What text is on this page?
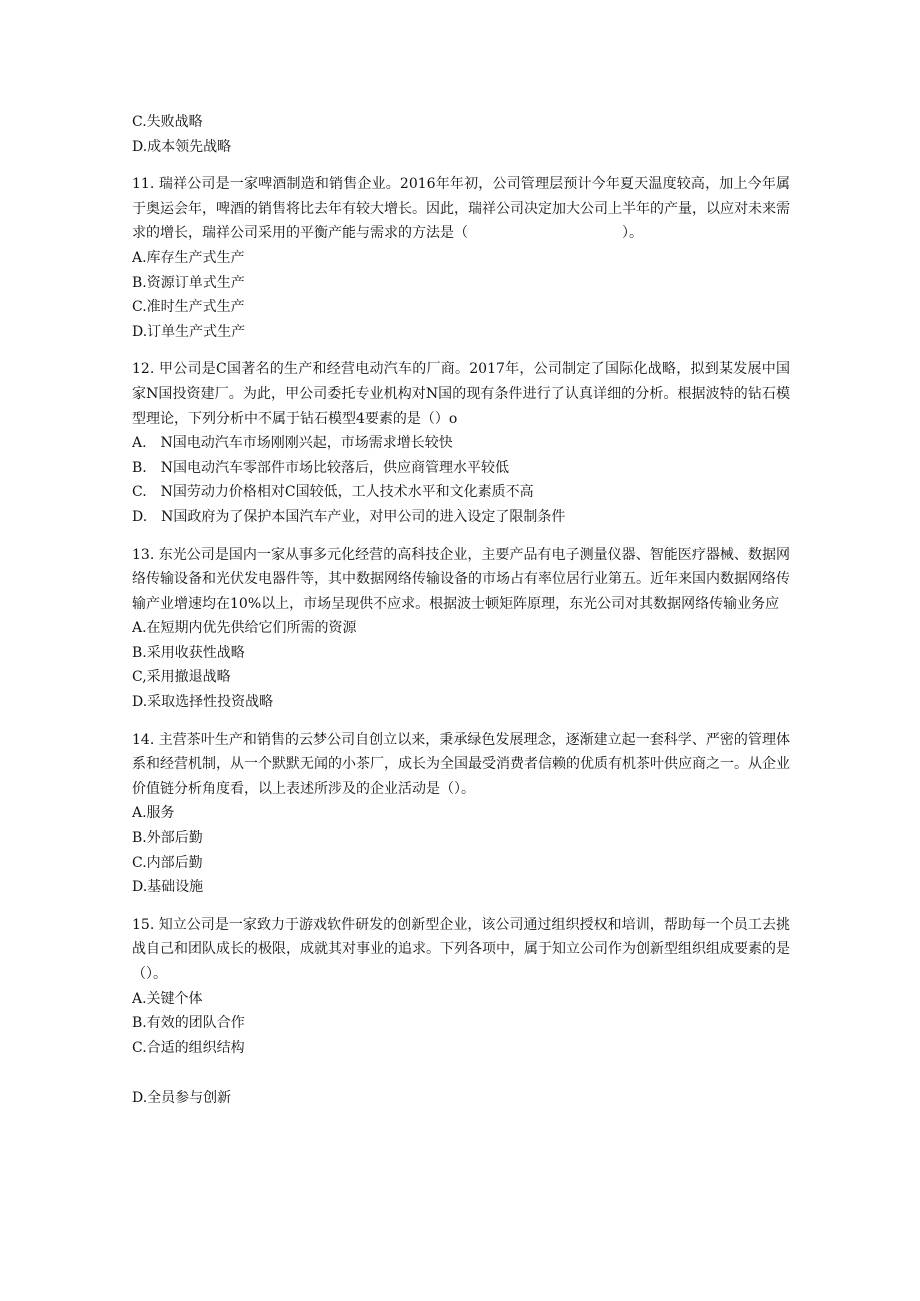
C.失败战略
D.成本领先战略
11. 瑞祥公司是一家啤酒制造和销售企业。2016年年初，公司管理层预计今年夏天温度较高，加上今年属于奥运会年，啤酒的销售将比去年有较大增长。因此，瑞祥公司决定加大公司上半年的产量，以应对未来需求的增长，瑞祥公司采用的平衡产能与需求的方法是（　　　　　　　　　　　）。
A.库存生产式生产
B.资源订单式生产
C.准时生产式生产
D.订单生产式生产
12. 甲公司是C国著名的生产和经营电动汽车的厂商。2017年，公司制定了国际化战略，拟到某发展中国家N国投资建厂。为此，甲公司委托专业机构对N国的现有条件进行了认真详细的分析。根据波特的钻石模型理论，下列分析中不属于钻石模型4要素的是（）o
A.　N国电动汽车市场刚刚兴起，市场需求增长较快
B.　N国电动汽车零部件市场比较落后，供应商管理水平较低
C.　N国劳动力价格相对C国较低，工人技术水平和文化素质不高
D.　N国政府为了保护本国汽车产业，对甲公司的进入设定了限制条件
13. 东光公司是国内一家从事多元化经营的高科技企业，主要产品有电子测量仪器、智能医疗器械、数据网络传输设备和光伏发电器件等，其中数据网络传输设备的市场占有率位居行业第五。近年来国内数据网络传输产业增速均在10%以上，市场呈现供不应求。根据波士顿矩阵原理，东光公司对其数据网络传输业务应
A.在短期内优先供给它们所需的资源
B.采用收获性战略
C,采用撤退战略
D.采取选择性投资战略
14. 主营茶叶生产和销售的云梦公司自创立以来，秉承绿色发展理念，逐渐建立起一套科学、严密的管理体系和经营机制，从一个默默无闻的小茶厂，成长为全国最受消费者信赖的优质有机茶叶供应商之一。从企业价值链分析角度看，以上表述所涉及的企业活动是（）。
A.服务
B.外部后勤
C.内部后勤
D.基础设施
15. 知立公司是一家致力于游戏软件研发的创新型企业，该公司通过组织授权和培训，帮助每一个员工去挑战自己和团队成长的极限，成就其对事业的追求。下列各项中，属于知立公司作为创新型组织组成要素的是（）。
A.关键个体
B.有效的团队合作
C.合适的组织结构
D.全员参与创新
